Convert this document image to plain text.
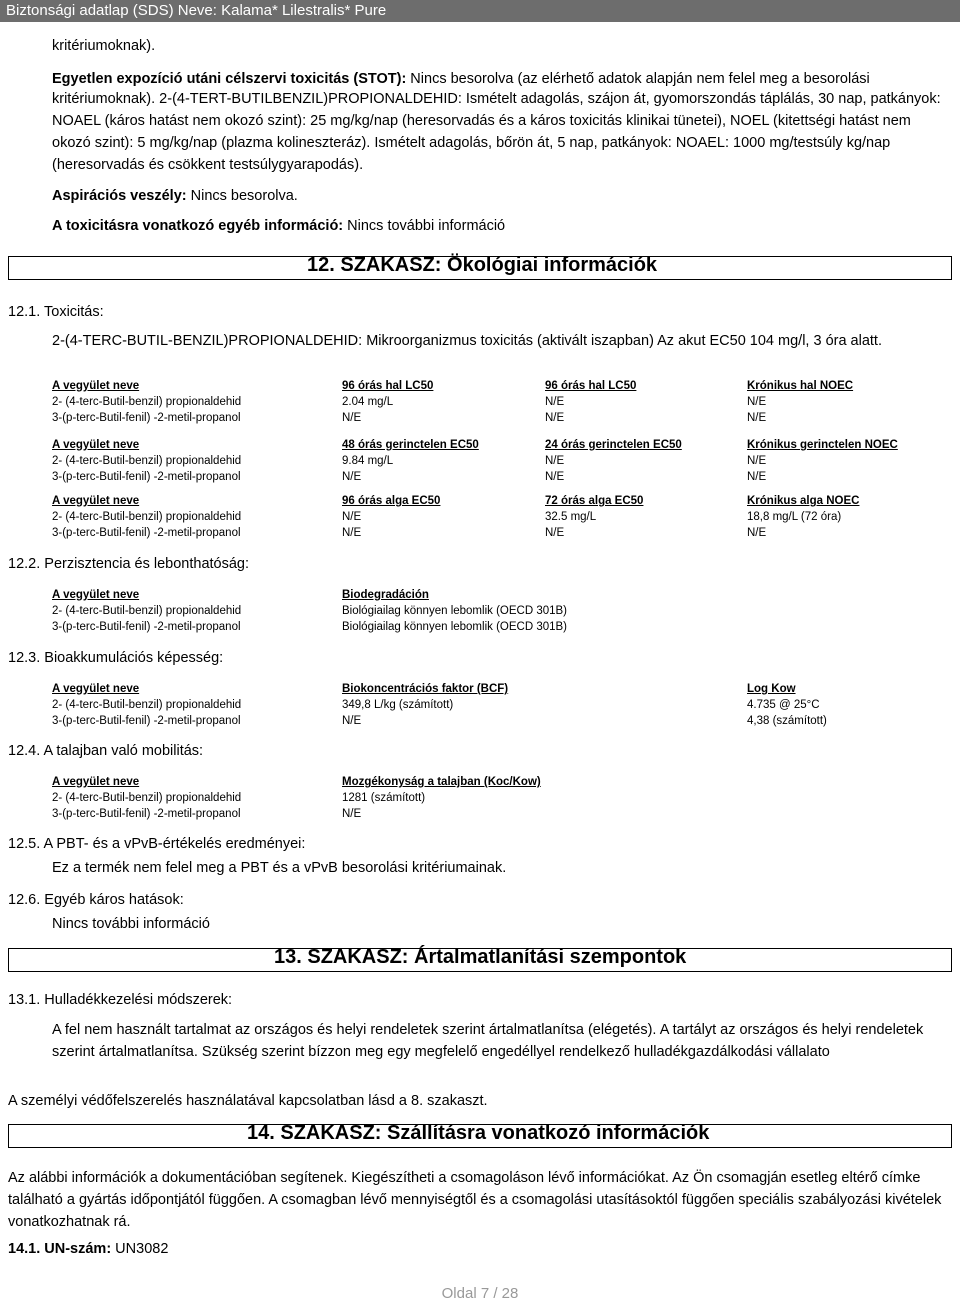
Biztonsági adatlap (SDS) Neve: Kalama* Lilestralis* Pure
kritériumoknak).
Egyetlen expozíció utáni célszervi toxicitás (STOT): Nincs besorolva (az elérhető adatok alapján nem felel meg a besorolási
kritériumoknak). 2-(4-TERT-BUTILBENZIL)PROPIONALDEHID: Ismételt adagolás, szájon át, gyomorszondás táplálás, 30 nap, patkányok: NOAEL (káros hatást nem okozó szint): 25 mg/kg/nap (heresorvadás és a káros toxicitás klinikai tünetei), NOEL (kitettségi hatást nem okozó szint): 5 mg/kg/nap (plazma kolineszteráz). Ismételt adagolás, bőrön át, 5 nap, patkányok: NOAEL: 1000 mg/testsúly kg/nap (heresorvadás és csökkent testsúlygyarapodás).
Aspirációs veszély: Nincs besorolva.
A toxicitásra vonatkozó egyéb információ: Nincs további információ
12. SZAKASZ: Ökológiai információk
12.1. Toxicitás:
2-(4-TERC-BUTIL-BENZIL)PROPIONALDEHID: Mikroorganizmus toxicitás (aktivált iszapban) Az akut EC50 104 mg/l, 3 óra alatt.
A vegyület neve	96 órás hal LC50	96 órás hal LC50	Krónikus hal NOEC
2- (4-terc-Butil-benzil) propionaldehid	2.04 mg/L	N/E	N/E
3-(p-terc-Butil-fenil) -2-metil-propanol	N/E	N/E	N/E
A vegyület neve	48 órás gerinctelen EC50	24 órás gerinctelen EC50	Krónikus gerinctelen NOEC
2- (4-terc-Butil-benzil) propionaldehid	9.84 mg/L	N/E	N/E
3-(p-terc-Butil-fenil) -2-metil-propanol	N/E	N/E	N/E
A vegyület neve	96 órás alga EC50	72 órás alga EC50	Krónikus alga NOEC
2- (4-terc-Butil-benzil) propionaldehid	N/E	32.5 mg/L	18,8 mg/L (72 óra)
3-(p-terc-Butil-fenil) -2-metil-propanol	N/E	N/E	N/E
12.2. Perzisztencia és lebonthatóság:
A vegyület neve	Biodegradáción
2- (4-terc-Butil-benzil) propionaldehid	Biológiailag könnyen lebomlik (OECD 301B)
3-(p-terc-Butil-fenil) -2-metil-propanol	Biológiailag könnyen lebomlik (OECD 301B)
12.3. Bioakkumulációs képesség:
A vegyület neve	Biokoncentrációs faktor (BCF)	Log Kow
2- (4-terc-Butil-benzil) propionaldehid	349,8 L/kg (számított)	4.735 @ 25°C
3-(p-terc-Butil-fenil) -2-metil-propanol	N/E	4,38 (számított)
12.4. A talajban való mobilitás:
A vegyület neve	Mozgékonyság a talajban (Koc/Kow)
2- (4-terc-Butil-benzil) propionaldehid	1281 (számított)
3-(p-terc-Butil-fenil) -2-metil-propanol	N/E
12.5. A PBT- és a vPvB-értékelés eredményei:
Ez a termék nem felel meg a PBT és a vPvB besorolási kritériumainak.
12.6. Egyéb káros hatások:
Nincs további információ
13. SZAKASZ: Ártalmatlanítási szempontok
13.1. Hulladékkezelési módszerek:
A fel nem használt tartalmat az országos és helyi rendeletek szerint ártalmatlanítsa (elégetés). A tartályt az országos és helyi rendeletek szerint ártalmatlanítsa. Szükség szerint bízzon meg egy megfelelő engedéllyel rendelkező hulladékgazdálkodási vállalato
A személyi védőfelszerelés használatával kapcsolatban lásd a 8. szakaszt.
14. SZAKASZ: Szállításra vonatkozó információk
Az alábbi információk a dokumentációban segítenek. Kiegészítheti a csomagoláson lévő információkat. Az Ön csomagján esetleg eltérő címke található a gyártás időpontjától függően. A csomagban lévő mennyiségtől és a csomagolási utasításoktól függően speciális szabályozási kivételek vonatkozhatnak rá.
14.1. UN-szám: UN3082
Oldal 7 / 28
